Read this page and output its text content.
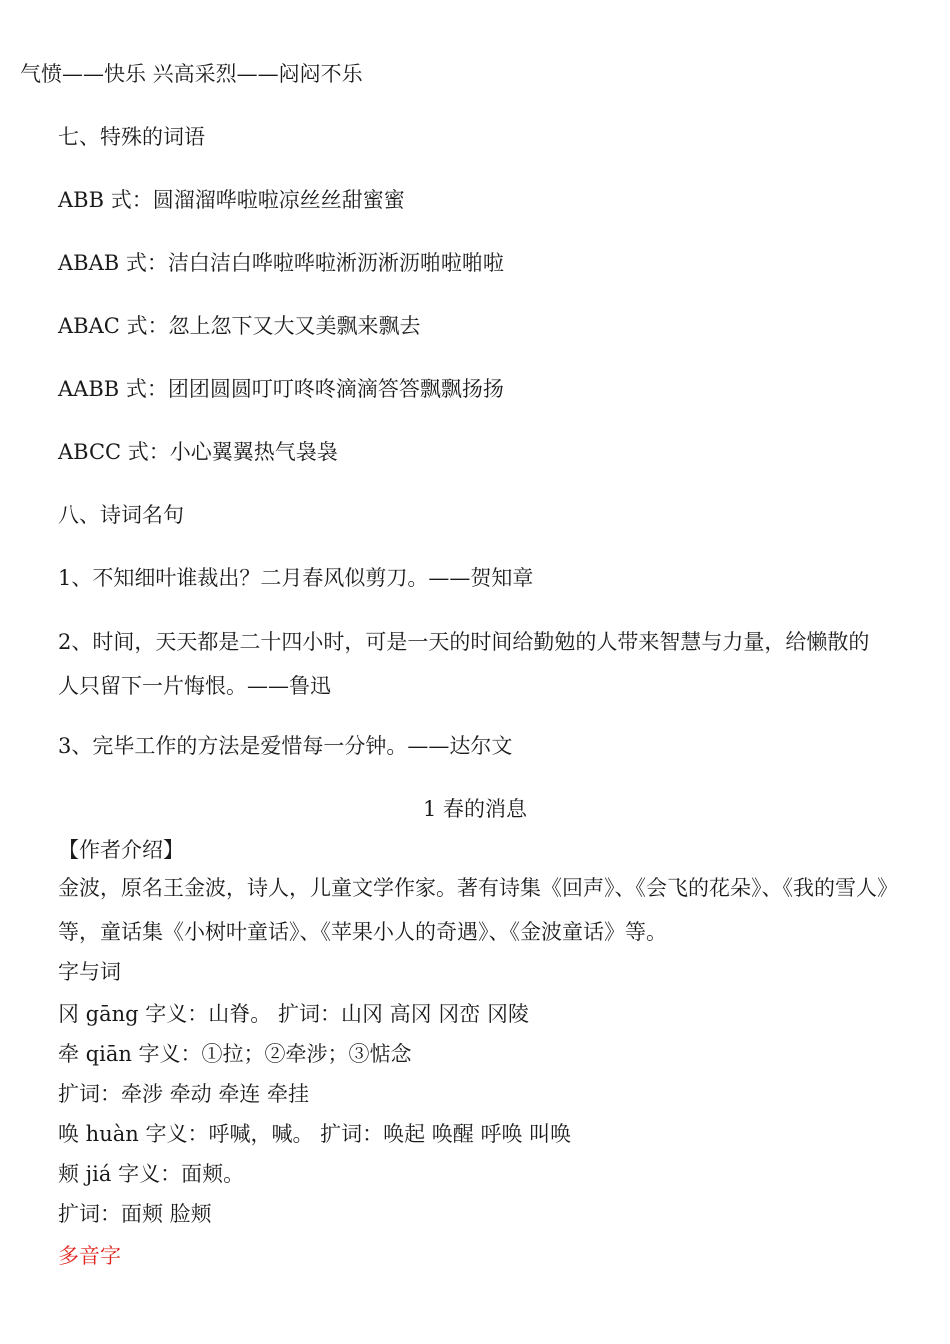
气愤——快乐 兴高采烈——闷闷不乐
七、特殊的词语
ABB 式：圆溜溜哗啦啦凉丝丝甜蜜蜜
ABAB 式：洁白洁白哗啦哗啦淅沥淅沥啪啦啪啦
ABAC 式：忽上忽下又大又美飘来飘去
AABB 式：团团圆圆叮叮咚咚滴滴答答飘飘扬扬
ABCC 式：小心翼翼热气袅袅
八、诗词名句
1、不知细叶谁裁出？二月春风似剪刀。——贺知章
2、时间，天天都是二十四小时，可是一天的时间给勤勉的人带来智慧与力量，给懒散的人只留下一片悔恨。——鲁迅
3、完毕工作的方法是爱惜每一分钟。——达尔文
1 春的消息
【作者介绍】
金波，原名王金波，诗人，儿童文学作家。著有诗集《回声》、《会飞的花朵》、《我的雪人》等，童话集《小树叶童话》、《苹果小人的奇遇》、《金波童话》等。
字与词
冈 gāng 字义：山脊。 扩词：山冈 高冈 冈峦 冈陵
牵 qiān 字义：①拉；②牵涉；③惦念
扩词：牵涉 牵动 牵连 牵挂
唤 huàn 字义：呼喊，喊。 扩词：唤起 唤醒 呼唤 叫唤
颊 jiá 字义：面颊。
扩词：面颊 脸颊
多音字
